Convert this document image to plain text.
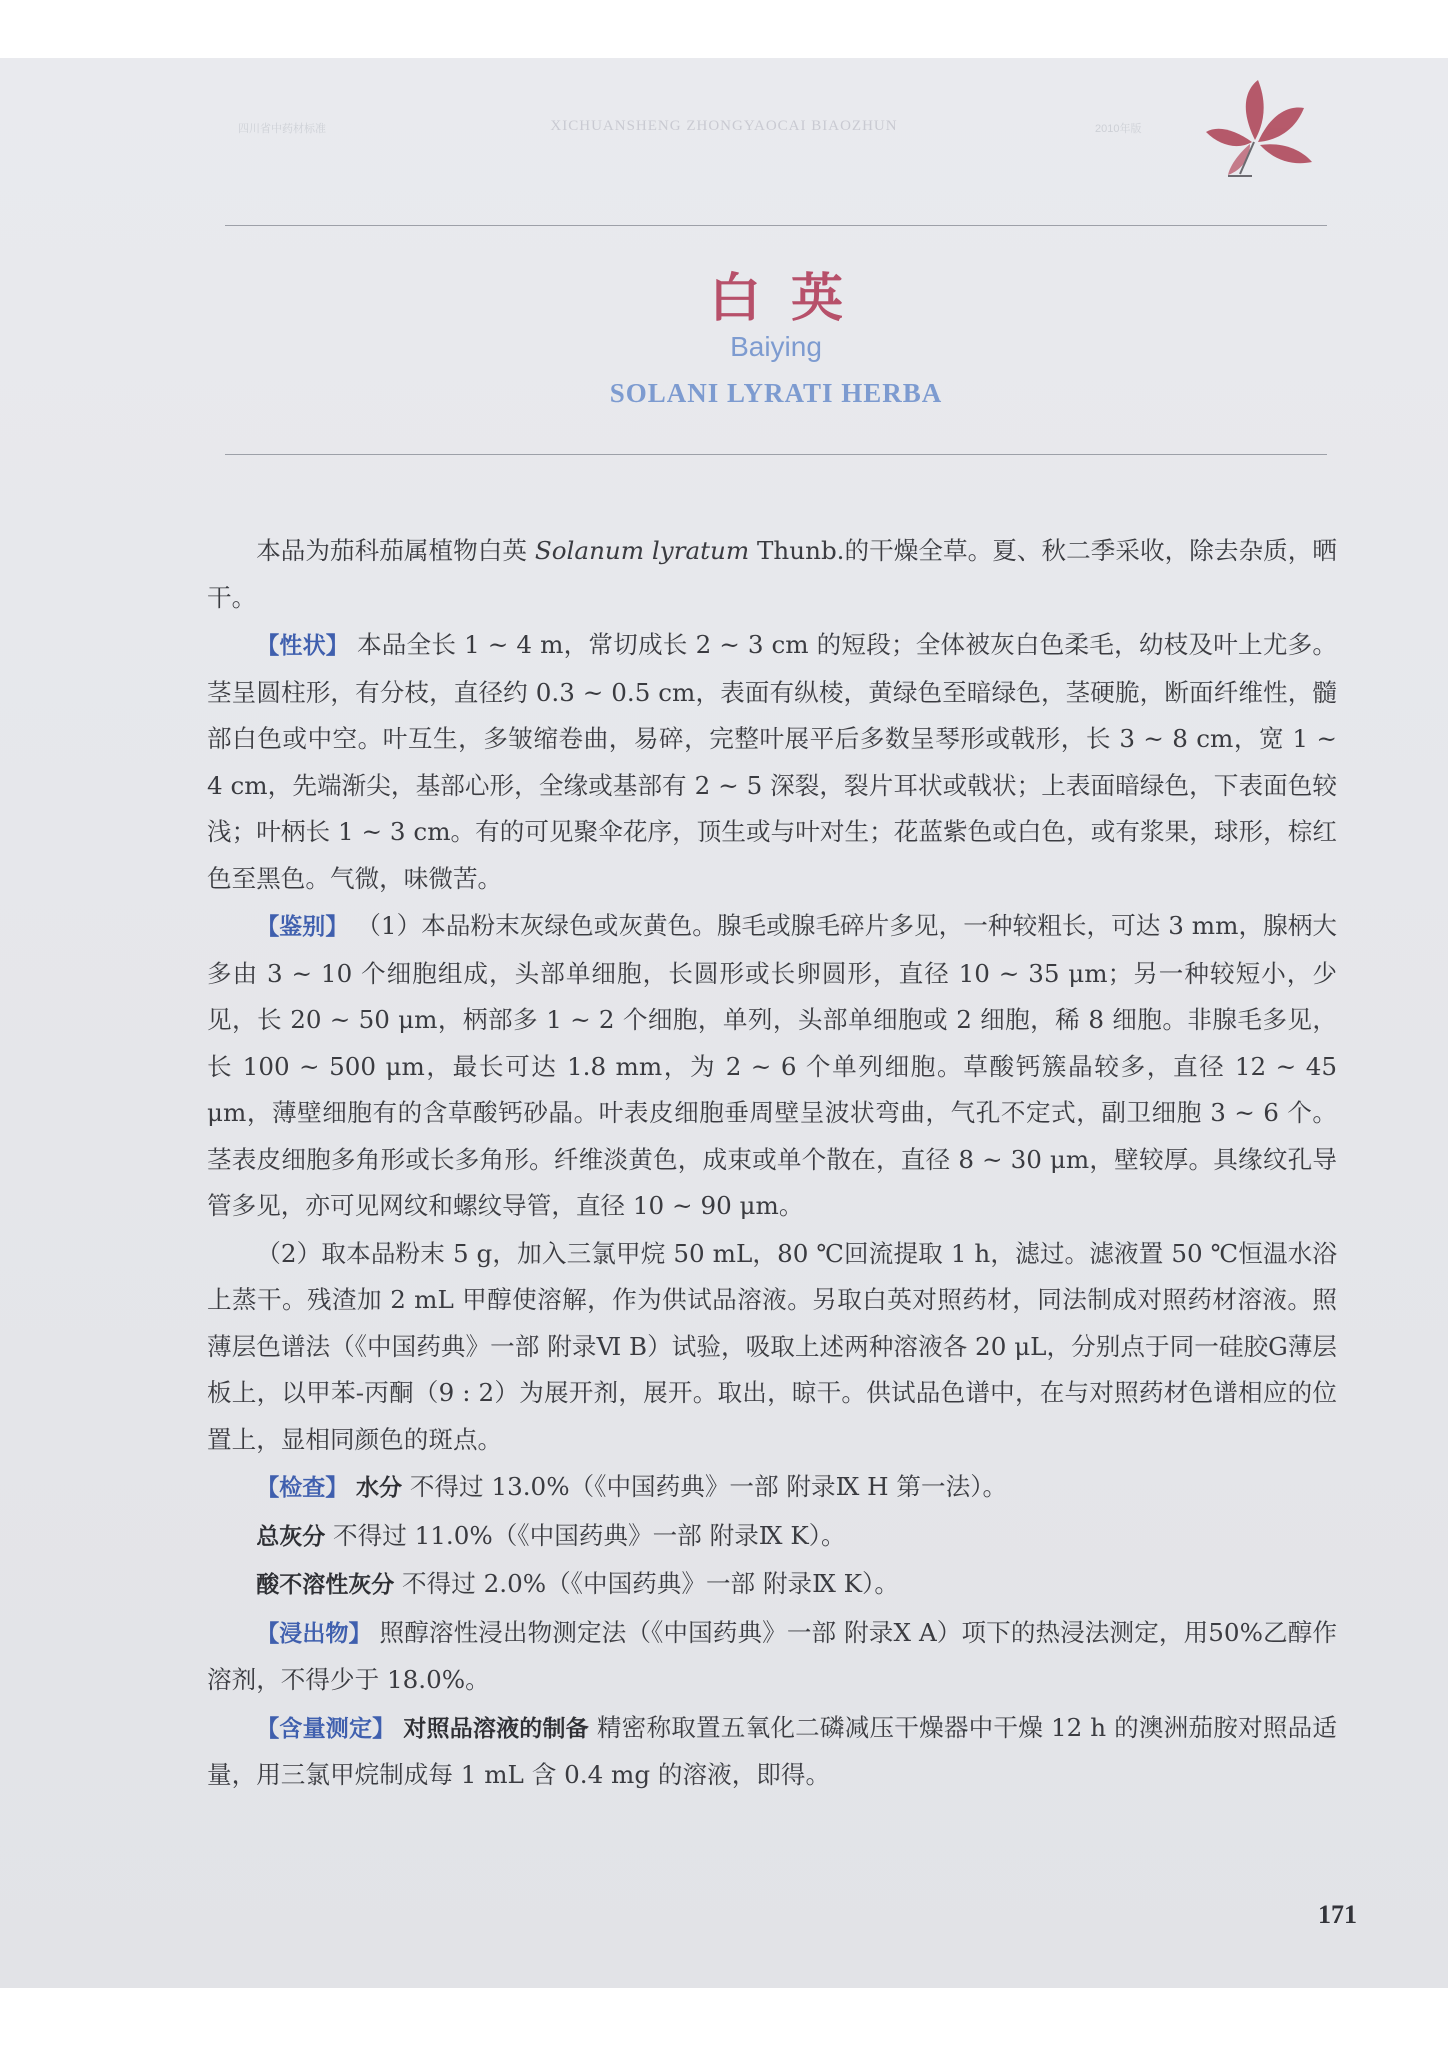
四川省中药材标准	XICHUANSHENG ZHONGYAOCAI BIAOZHUN	2010年版
白英
Baiying
SOLANI LYRATI HERBA

本品为茄科茄属植物白英 Solanum lyratum Thunb.的干燥全草。夏、秋二季采收，除去杂质，晒干。

【性状】 本品全长 1 ~ 4 m，常切成长 2 ~ 3 cm 的短段；全体被灰白色柔毛，幼枝及叶上尤多。茎呈圆柱形，有分枝，直径约 0.3 ~ 0.5 cm，表面有纵棱，黄绿色至暗绿色，茎硬脆，断面纤维性，髓部白色或中空。叶互生，多皱缩卷曲，易碎，完整叶展平后多数呈琴形或戟形，长 3 ~ 8 cm，宽 1 ~ 4 cm，先端渐尖，基部心形，全缘或基部有 2 ~ 5 深裂，裂片耳状或戟状；上表面暗绿色，下表面色较浅；叶柄长 1 ~ 3 cm。有的可见聚伞花序，顶生或与叶对生；花蓝紫色或白色，或有浆果，球形，棕红色至黑色。气微，味微苦。

【鉴别】 （1）本品粉末灰绿色或灰黄色。腺毛或腺毛碎片多见，一种较粗长，可达 3 mm，腺柄大多由 3 ~ 10 个细胞组成，头部单细胞，长圆形或长卵圆形，直径 10 ~ 35 μm；另一种较短小，少见，长 20 ~ 50 μm，柄部多 1 ~ 2 个细胞，单列，头部单细胞或 2 细胞，稀 8 细胞。非腺毛多见，长 100 ~ 500 μm，最长可达 1.8 mm，为 2 ~ 6 个单列细胞。草酸钙簇晶较多，直径 12 ~ 45 μm，薄壁细胞有的含草酸钙砂晶。叶表皮细胞垂周壁呈波状弯曲，气孔不定式，副卫细胞 3 ~ 6 个。茎表皮细胞多角形或长多角形。纤维淡黄色，成束或单个散在，直径 8 ~ 30 μm，壁较厚。具缘纹孔导管多见，亦可见网纹和螺纹导管，直径 10 ~ 90 μm。

（2）取本品粉末 5 g，加入三氯甲烷 50 mL，80 ℃回流提取 1 h，滤过。滤液置 50 ℃恒温水浴上蒸干。残渣加 2 mL 甲醇使溶解，作为供试品溶液。另取白英对照药材，同法制成对照药材溶液。照薄层色谱法（《中国药典》一部 附录Ⅵ B）试验，吸取上述两种溶液各 20 μL，分别点于同一硅胶G薄层板上，以甲苯-丙酮（9 : 2）为展开剂，展开。取出，晾干。供试品色谱中，在与对照药材色谱相应的位置上，显相同颜色的斑点。

【检查】 水分 不得过 13.0%（《中国药典》一部 附录Ⅸ H 第一法）。

总灰分 不得过 11.0%（《中国药典》一部 附录Ⅸ K）。

酸不溶性灰分 不得过 2.0%（《中国药典》一部 附录Ⅸ K）。

【浸出物】 照醇溶性浸出物测定法（《中国药典》一部 附录Ⅹ A）项下的热浸法测定，用50%乙醇作溶剂，不得少于 18.0%。

【含量测定】 对照品溶液的制备 精密称取置五氧化二磷减压干燥器中干燥 12 h 的澳洲茄胺对照品适量，用三氯甲烷制成每 1 mL 含 0.4 mg 的溶液，即得。

171
